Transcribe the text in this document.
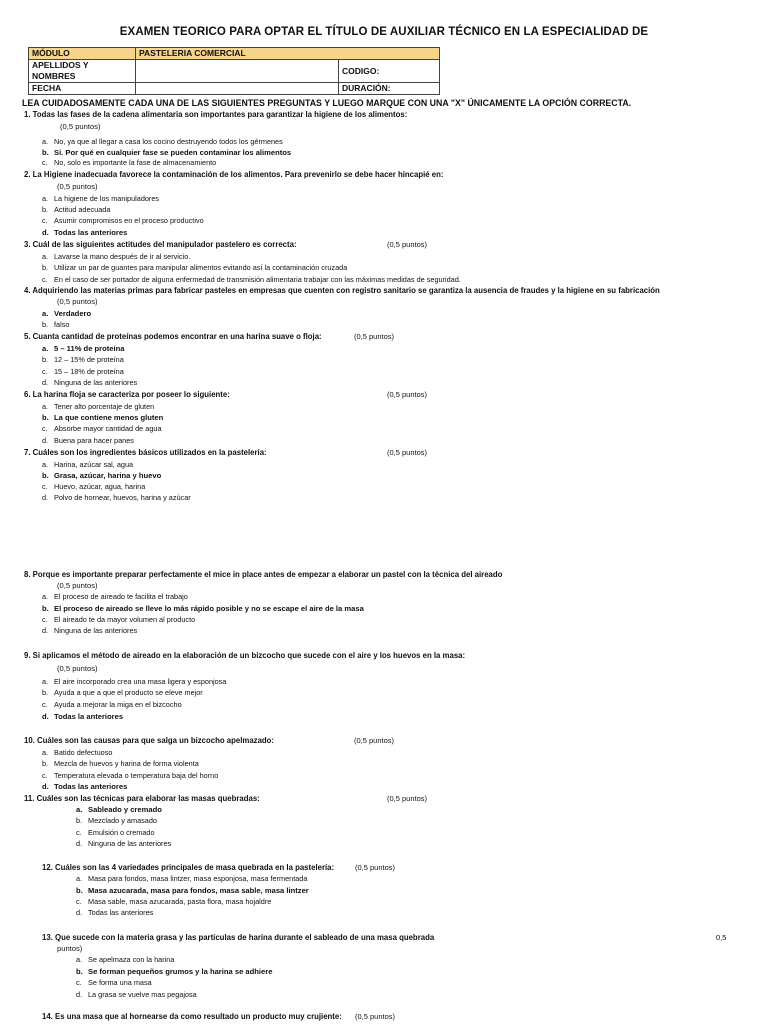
EXAMEN TEORICO PARA OPTAR EL TÍTULO DE AUXILIAR TÉCNICO EN LA ESPECIALIDAD DE
MÓDULO	PASTELERIA COMERCIAL	
APELLIDOS Y NOMBRES		CODIGO:
FECHA		DURACIÓN:
LEA CUIDADOSAMENTE CADA UNA DE LAS SIGUIENTES PREGUNTAS Y LUEGO MARQUE CON UNA "X" ÚNICAMENTE LA OPCIÓN CORRECTA.
1. Todas las fases de la cadena alimentaria son importantes para garantizar la higiene de los alimentos:
(0,5 puntos)
a. No, ya que al llegar a casa los cocino destruyendo todos los gérmenes
b. Si. Por qué en cualquier fase se pueden contaminar los alimentos
c. No, solo es importante la fase de almacenamiento
2. La Higiene inadecuada favorece la contaminación de los alimentos. Para prevenirlo se debe hacer hincapié en:
(0,5 puntos)
a. La higiene de los manipuladores
b. Actitud adecuada
c. Asumir compromisos en el proceso productivo
d. Todas las anteriores
3. Cuál de las siguientes actitudes del manipulador pastelero es correcta:	(0,5 puntos)
a. Lavarse la mano después de ir al servicio.
b. Utilizar un par de guantes para manipular alimentos evitando así la contaminación cruzada
c. En el caso de ser portador de alguna enfermedad de transmisión alimentaria trabajar con las máximas medidas de seguridad.
4. Adquiriendo las materias primas para fabricar pasteles en empresas que cuenten con registro sanitario se garantiza la ausencia de fraudes y la higiene en su fabricación
(0,5 puntos)
a. Verdadero
b. falso
5. Cuanta cantidad de proteínas podemos encontrar en una harina suave o floja:	(0,5 puntos)
a. 5 – 11% de proteína
b. 12 – 15% de proteína
c. 15 – 18% de proteína
d. Ninguna de las anteriores
6. La harina floja se caracteriza por poseer lo siguiente:	(0,5 puntos)
a. Tener alto porcentaje de gluten
b. La que contiene menos gluten
c. Absorbe mayor cantidad de agua
d. Buena para hacer panes
7. Cuáles son los ingredientes básicos utilizados en la pastelería:	(0,5 puntos)
a. Harina, azúcar sal, agua
b. Grasa, azúcar, harina y huevo
c. Huevo, azúcar, agua, harina
d. Polvo de hornear, huevos, harina y azúcar
8. Porque es importante preparar perfectamente el mice in place antes de empezar a elaborar un pastel con la técnica del aireado
(0,5 puntos)
a. El proceso de aireado te facilita el trabajo
b. El proceso de aireado se lleve lo más rápido posible y no se escape el aire de la masa
c. El aireado te da mayor volumen al producto
d. Ninguna de las anteriores
9. Si aplicamos el método de aireado en la elaboración de un bizcocho que sucede con el aire y los huevos en la masa:
(0,5 puntos)
a. El aire incorporado crea una masa ligera y esponjosa
b. Ayuda a que a que el producto se eleve mejor
c. Ayuda a mejorar la miga en el bizcocho
d. Todas la anteriores
10. Cuáles son las causas para que salga un bizcocho apelmazado:	(0,5 puntos)
a. Batido defectuoso
b. Mezcla de huevos y harina de forma violenta
c. Temperatura elevada o temperatura baja del horno
d. Todas las anteriores
11. Cuáles son las técnicas para elaborar las masas quebradas:	(0,5 puntos)
a. Sableado y cremado
b. Mezclado y amasado
c. Emulsión o cremado
d. Ninguna de las anteriores
12. Cuáles son las 4 variedades principales de masa quebrada en la pastelería:	(0,5 puntos)
a. Masa para fondos, masa lintzer, masa esponjosa, masa fermentada
b. Masa azucarada, masa para fondos, masa sable, masa lintzer
c. Masa sable, masa azucarada, pasta flora, masa hojaldre
d. Todas las anteriores
13. Que sucede con la materia grasa y las partículas de harina durante el sableado de una masa quebrada	0,5
puntos)
a. Se apelmaza con la harina
b. Se forman pequeños grumos y la harina se adhiere
c. Se forma una masa
d. La grasa se vuelve mas pegajosa
14. Es una masa que al hornearse da como resultado un producto muy crujiente: (0,5 puntos)
